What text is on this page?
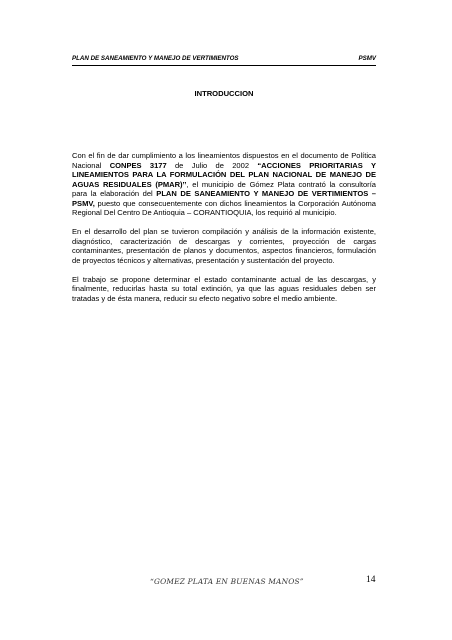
PLAN DE SANEAMIENTO Y MANEJO DE VERTIMIENTOS	PSMV
INTRODUCCION

Con el fin de dar cumplimiento a los lineamientos dispuestos en el documento de Política Nacional CONPES 3177 de Julio de 2002 “ACCIONES PRIORITARIAS Y LINEAMIENTOS PARA LA FORMULACIÓN DEL PLAN NACIONAL DE MANEJO DE AGUAS RESIDUALES (PMAR)’’, el municipio de Gómez Plata contrató la consultoría para la elaboración del PLAN DE SANEAMIENTO Y MANEJO DE VERTIMIENTOS – PSMV, puesto que consecuentemente con dichos lineamientos la Corporación Autónoma Regional Del Centro De Antioquia – CORANTIOQUIA, los requirió al municipio.

En el desarrollo del plan se tuvieron compilación y análisis de la información existente, diagnóstico, caracterización de descargas y corrientes, proyección de cargas contaminantes, presentación de planos y documentos, aspectos financieros, formulación de proyectos técnicos y alternativas, presentación y sustentación del proyecto.

El trabajo se propone determinar el estado contaminante actual de las descargas, y finalmente, reducirlas hasta su total extinción, ya que las aguas residuales deben ser tratadas y de ésta manera, reducir su efecto negativo sobre el medio ambiente.

“GOMEZ PLATA EN BUENAS MANOS”	14
